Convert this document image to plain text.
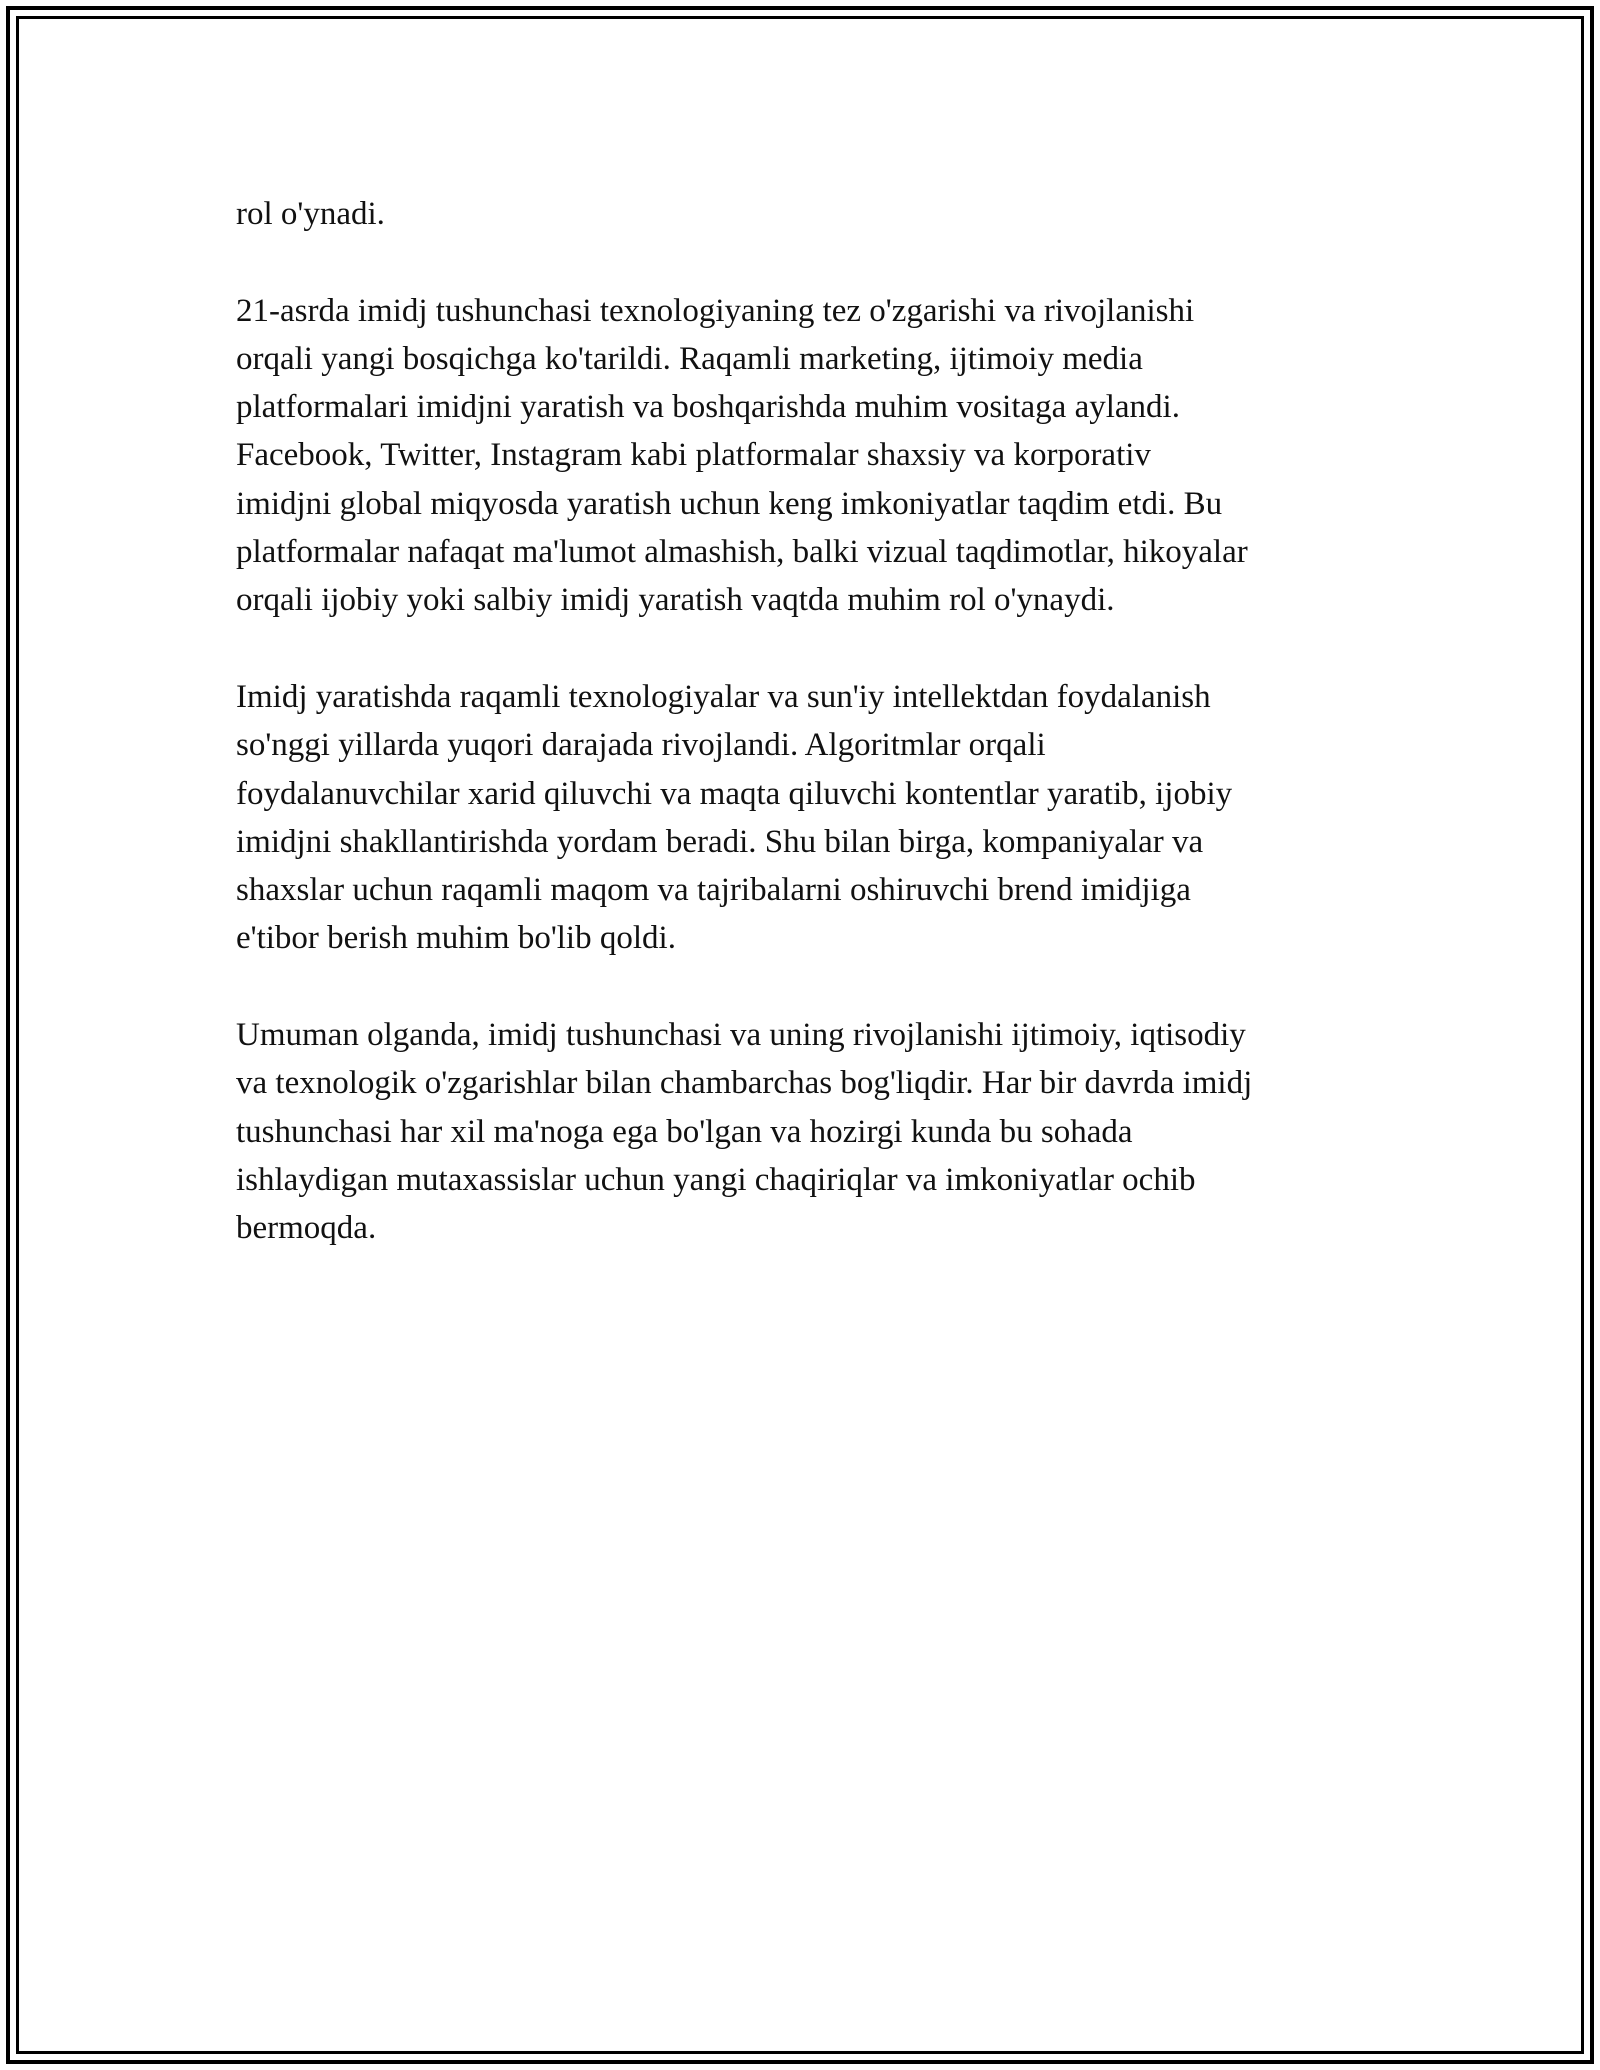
rol o'ynadi.

21-asrda imidj tushunchasi texnologiyaning tez o'zgarishi va rivojlanishi
orqali yangi bosqichga ko'tarildi. Raqamli marketing, ijtimoiy media
platformalari imidjni yaratish va boshqarishda muhim vositaga aylandi.
Facebook, Twitter, Instagram kabi platformalar shaxsiy va korporativ
imidjni global miqyosda yaratish uchun keng imkoniyatlar taqdim etdi. Bu
platformalar nafaqat ma'lumot almashish, balki vizual taqdimotlar, hikoyalar
orqali ijobiy yoki salbiy imidj yaratish vaqtda muhim rol o'ynaydi.

Imidj yaratishda raqamli texnologiyalar va sun'iy intellektdan foydalanish
so'nggi yillarda yuqori darajada rivojlandi. Algoritmlar orqali
foydalanuvchilar xarid qiluvchi va maqta qiluvchi kontentlar yaratib, ijobiy
imidjni shakllantirishda yordam beradi. Shu bilan birga, kompaniyalar va
shaxslar uchun raqamli maqom va tajribalarni oshiruvchi brend imidjiga
e'tibor berish muhim bo'lib qoldi.

Umuman olganda, imidj tushunchasi va uning rivojlanishi ijtimoiy, iqtisodiy
va texnologik o'zgarishlar bilan chambarchas bog'liqdir. Har bir davrda imidj
tushunchasi har xil ma'noga ega bo'lgan va hozirgi kunda bu sohada
ishlaydigan mutaxassislar uchun yangi chaqiriqlar va imkoniyatlar ochib
bermoqda.
